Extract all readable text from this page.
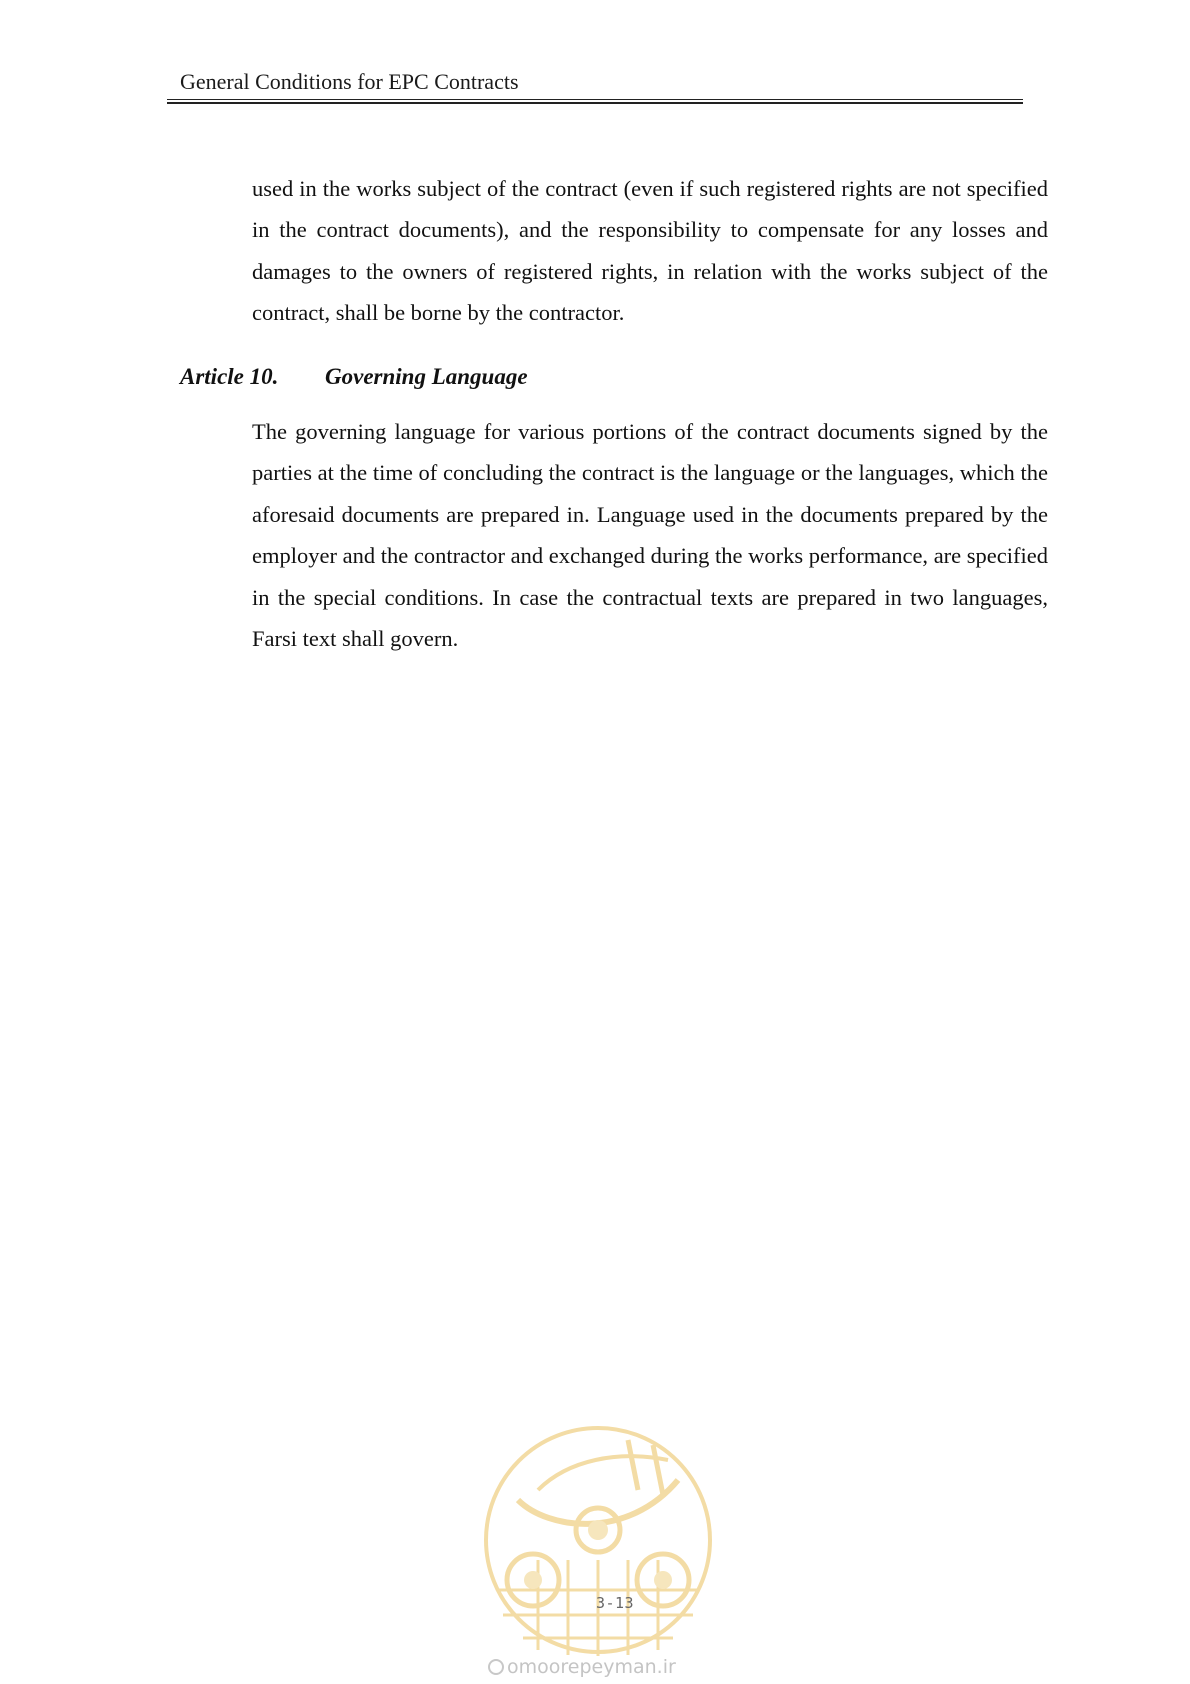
General Conditions for EPC Contracts

used in the works subject of the contract (even if such registered rights are not specified in the contract documents), and the responsibility to compensate for any losses and damages to the owners of registered rights, in relation with the works subject of the contract, shall be borne by the contractor.

Article 10. Governing Language

The governing language for various portions of the contract documents signed by the parties at the time of concluding the contract is the language or the languages, which the aforesaid documents are prepared in. Language used in the documents prepared by the employer and the contractor and exchanged during the works performance, are specified in the special conditions. In case the contractual texts are prepared in two languages, Farsi text shall govern.

3-13
omoorepeyman.ir
